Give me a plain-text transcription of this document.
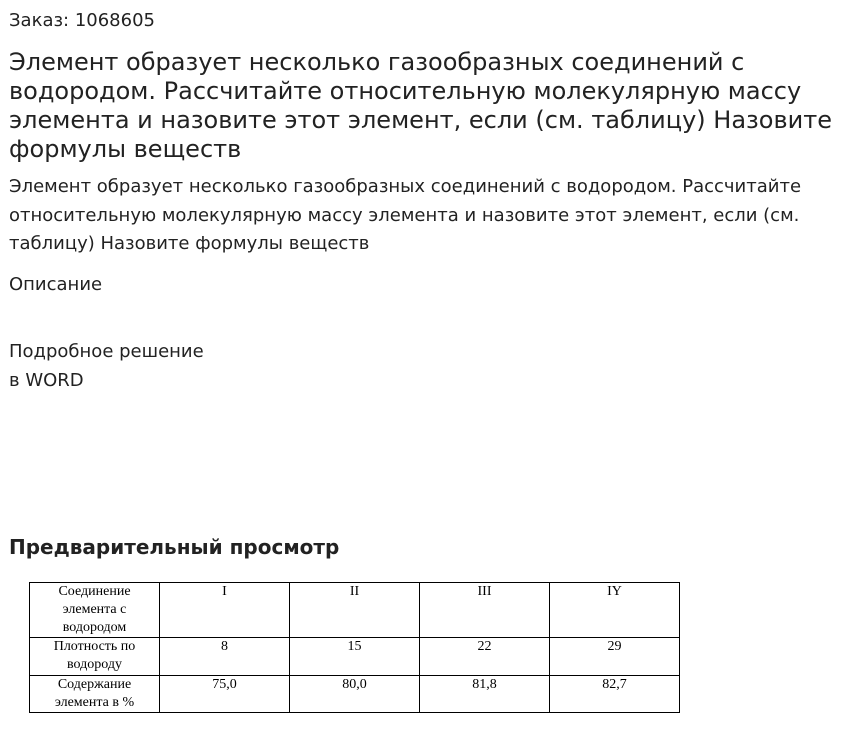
Заказ: 1068605
Элемент образует несколько газообразных соединений с водородом. Рассчитайте относительную молекулярную массу элемента и назовите этот элемент, если (см. таблицу) Назовите формулы веществ

Элемент образует несколько газообразных соединений с водородом. Рассчитайте относительную молекулярную массу элемента и назовите этот элемент, если (см. таблицу) Назовите формулы веществ

Описание
Подробное решение
в WORD
Предварительный просмотр
Соединение элемента с водородом	I	II	III	IY
Плотность по водороду	8	15	22	29
Содержание элемента в %	75,0	80,0	81,8	82,7
